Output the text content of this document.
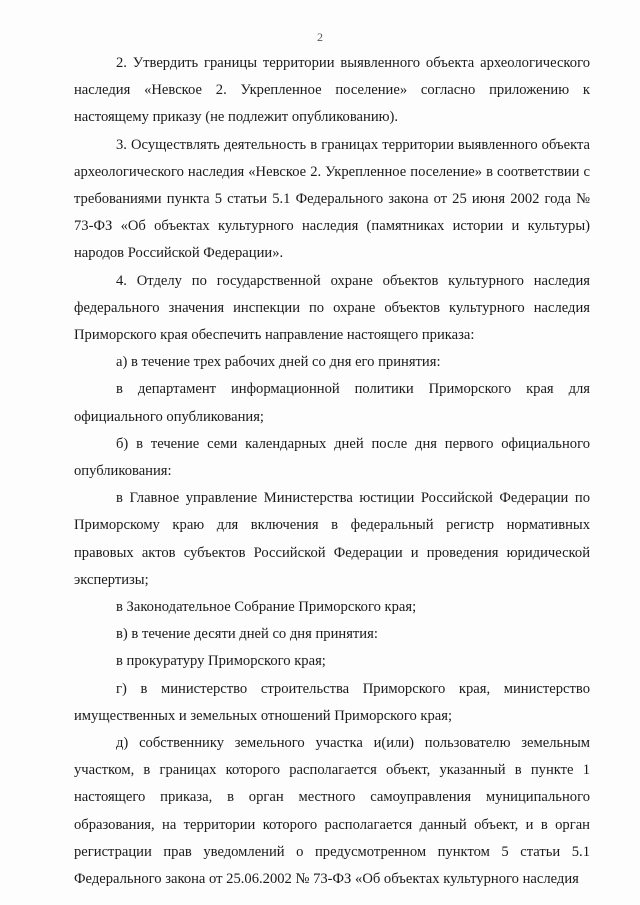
2

2. Утвердить границы территории выявленного объекта археологического наследия «Невское 2. Укрепленное поселение» согласно приложению к настоящему приказу (не подлежит опубликованию).

3. Осуществлять деятельность в границах территории выявленного объекта археологического наследия «Невское 2. Укрепленное поселение» в соответствии с требованиями пункта 5 статьи 5.1 Федерального закона от 25 июня 2002 года № 73-ФЗ «Об объектах культурного наследия (памятниках истории и культуры) народов Российской Федерации».

4. Отделу по государственной охране объектов культурного наследия федерального значения инспекции по охране объектов культурного наследия Приморского края обеспечить направление настоящего приказа:

а) в течение трех рабочих дней со дня его принятия:

в департамент информационной политики Приморского края для официального опубликования;

б) в течение семи календарных дней после дня первого официального опубликования:

в Главное управление Министерства юстиции Российской Федерации по Приморскому краю для включения в федеральный регистр нормативных правовых актов субъектов Российской Федерации и проведения юридической экспертизы;

в Законодательное Собрание Приморского края;

в) в течение десяти дней со дня принятия:

в прокуратуру Приморского края;

г) в министерство строительства Приморского края, министерство имущественных и земельных отношений Приморского края;

д) собственнику земельного участка и(или) пользователю земельным участком, в границах которого располагается объект, указанный в пункте 1 настоящего приказа, в орган местного самоуправления муниципального образования, на территории которого располагается данный объект, и в орган регистрации прав уведомлений о предусмотренном пунктом 5 статьи 5.1 Федерального закона от 25.06.2002 № 73-ФЗ «Об объектах культурного наследия
